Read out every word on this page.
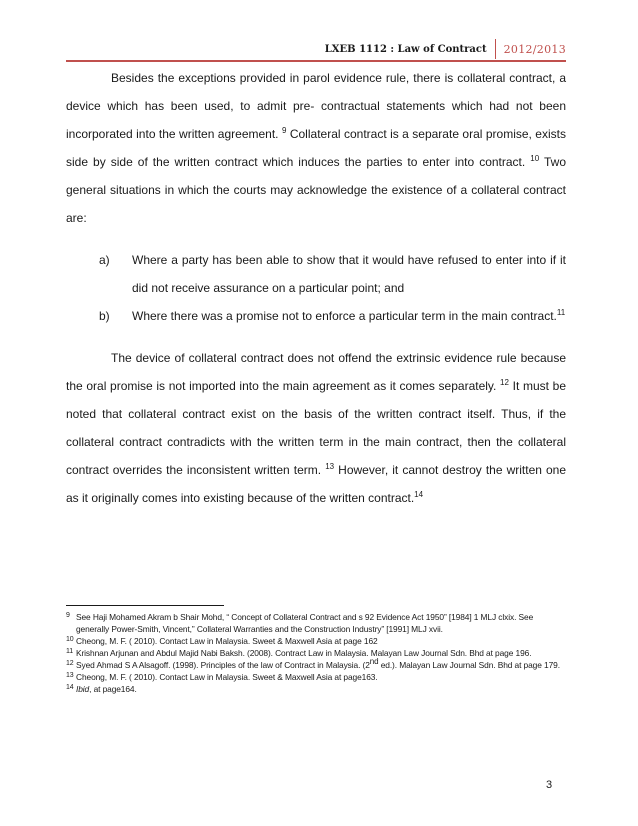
LXEB 1112 : Law of Contract	2012/2013

Besides the exceptions provided in parol evidence rule, there is collateral contract, a device which has been used, to admit pre- contractual statements which had not been incorporated into the written agreement. $^9$ Collateral contract is a separate oral promise, exists side by side of the written contract which induces the parties to enter into contract. $^{10}$ Two general situations in which the courts may acknowledge the existence of a collateral contract are:

a)	Where a party has been able to show that it would have refused to enter into if it did not receive assurance on a particular point; and
b)	Where there was a promise not to enforce a particular term in the main contract.$^{11}$

The device of collateral contract does not offend the extrinsic evidence rule because the oral promise is not imported into the main agreement as it comes separately. $^{12}$ It must be noted that collateral contract exist on the basis of the written contract itself. Thus, if the collateral contract contradicts with the written term in the main contract, then the collateral contract overrides the inconsistent written term. $^{13}$ However, it cannot destroy the written one as it originally comes into existing because of the written contract.$^{14}$

9 See Haji Mohamed Akram b Shair Mohd, “ Concept of Collateral Contract and s 92 Evidence Act 1950” [1984] 1 MLJ clxix. See generally Power-Smith, Vincent,” Collateral Warranties and the Construction Industry” [1991] MLJ xvii.
10 Cheong, M. F. ( 2010). Contact Law in Malaysia. Sweet & Maxwell Asia at page 162
11 Krishnan Arjunan and Abdul Majid Nabi Baksh. (2008). Contract Law in Malaysia. Malayan Law Journal Sdn. Bhd at page 196.
12 Syed Ahmad S A Alsagoff. (1998). Principles of the law of Contract in Malaysia. (2nd ed.). Malayan Law Journal Sdn. Bhd at page 179.
13 Cheong, M. F. ( 2010). Contact Law in Malaysia. Sweet & Maxwell Asia at page163.
14 Ibid, at page164.
3
